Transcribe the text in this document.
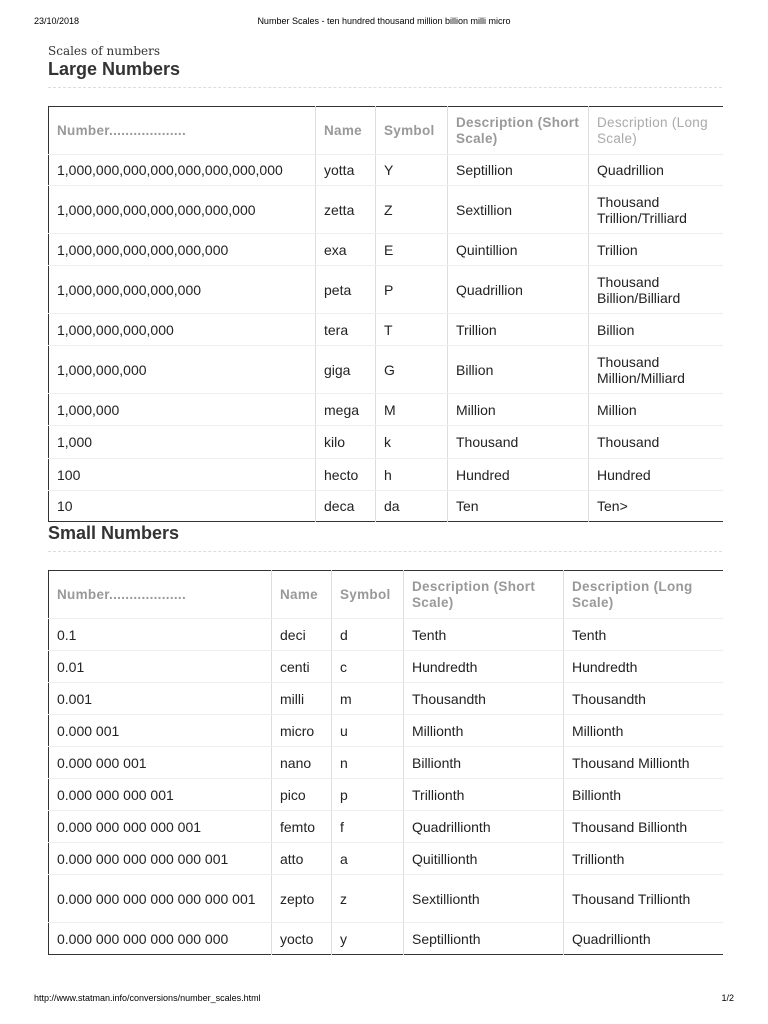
23/10/2018	Number Scales - ten hundred thousand million billion milli micro

Scales of numbers

Large Numbers
Number...................	Name	Symbol	Description (Short Scale)	Description (Long Scale)
1,000,000,000,000,000,000,000,000	yotta	Y	Septillion	Quadrillion
1,000,000,000,000,000,000,000	zetta	Z	Sextillion	Thousand Trillion/Trilliard
1,000,000,000,000,000,000	exa	E	Quintillion	Trillion
1,000,000,000,000,000	peta	P	Quadrillion	Thousand Billion/Billiard
1,000,000,000,000	tera	T	Trillion	Billion
1,000,000,000	giga	G	Billion	Thousand Million/Milliard
1,000,000	mega	M	Million	Million
1,000	kilo	k	Thousand	Thousand
100	hecto	h	Hundred	Hundred
10	deca	da	Ten	Ten>
Small Numbers
Number...................	Name	Symbol	Description (Short Scale)	Description (Long Scale)
0.1	deci	d	Tenth	Tenth
0.01	centi	c	Hundredth	Hundredth
0.001	milli	m	Thousandth	Thousandth
0.000 001	micro	u	Millionth	Millionth
0.000 000 001	nano	n	Billionth	Thousand Millionth
0.000 000 000 001	pico	p	Trillionth	Billionth
0.000 000 000 000 001	femto	f	Quadrillionth	Thousand Billionth
0.000 000 000 000 000 001	atto	a	Quitillionth	Trillionth
0.000 000 000 000 000 000 001	zepto	z	Sextillionth	Thousand Trillionth
0.000 000 000 000 000 000	yocto	y	Septillionth	Quadrillionth
http://www.statman.info/conversions/number_scales.html	1/2
